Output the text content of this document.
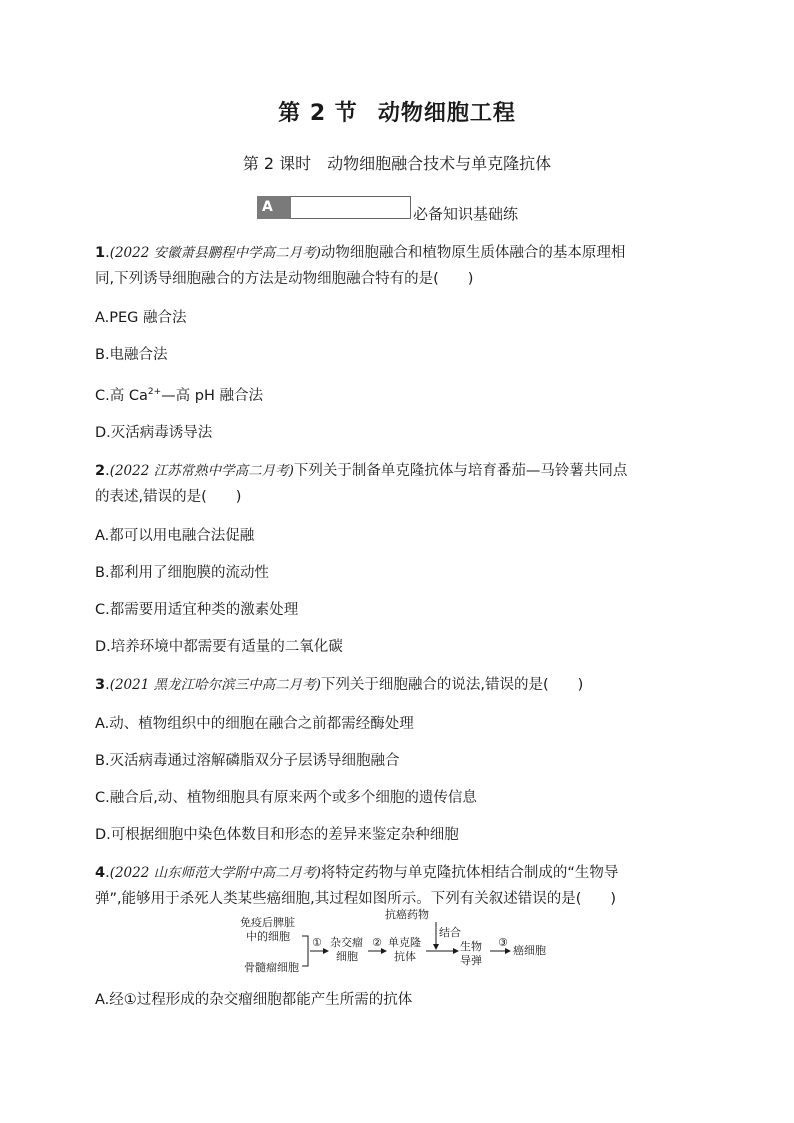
第 2 节 动物细胞工程
第 2 课时 动物细胞融合技术与单克隆抗体
A 级
必备知识基础练

1.(2022 安徽萧县鹏程中学高二月考)动物细胞融合和植物原生质体融合的基本原理相

同,下列诱导细胞融合的方法是动物细胞融合特有的是(　　)

A.PEG 融合法

B.电融合法

C.高 $Ca^{2+}—$高 pH 融合法

D.灭活病毒诱导法

2.(2022 江苏常熟中学高二月考)下列关于制备单克隆抗体与培育番茄—马铃薯共同点

的表述,错误的是(　　)

A.都可以用电融合法促融

B.都利用了细胞膜的流动性

C.都需要用适宜种类的激素处理

D.培养环境中都需要有适量的二氧化碳

3.(2021 黑龙江哈尔滨三中高二月考)下列关于细胞融合的说法,错误的是(　　)

A.动、植物组织中的细胞在融合之前都需经酶处理

B.灭活病毒通过溶解磷脂双分子层诱导细胞融合

C.融合后,动、植物细胞具有原来两个或多个细胞的遗传信息

D.可根据细胞中染色体数目和形态的差异来鉴定杂种细胞

4.(2022 山东师范大学附中高二月考)将特定药物与单克隆抗体相结合制成的“生物导

弹”,能够用于杀死人类某些癌细胞,其过程如图所示。下列有关叙述错误的是(　　)

免疫后脾脏
中的细胞
骨髓瘤细胞
① 杂交瘤
细胞
② 单克隆
抗体
抗癌药物
结合
生物
导弹
③
癌细胞

A.经①过程形成的杂交瘤细胞都能产生所需的抗体
